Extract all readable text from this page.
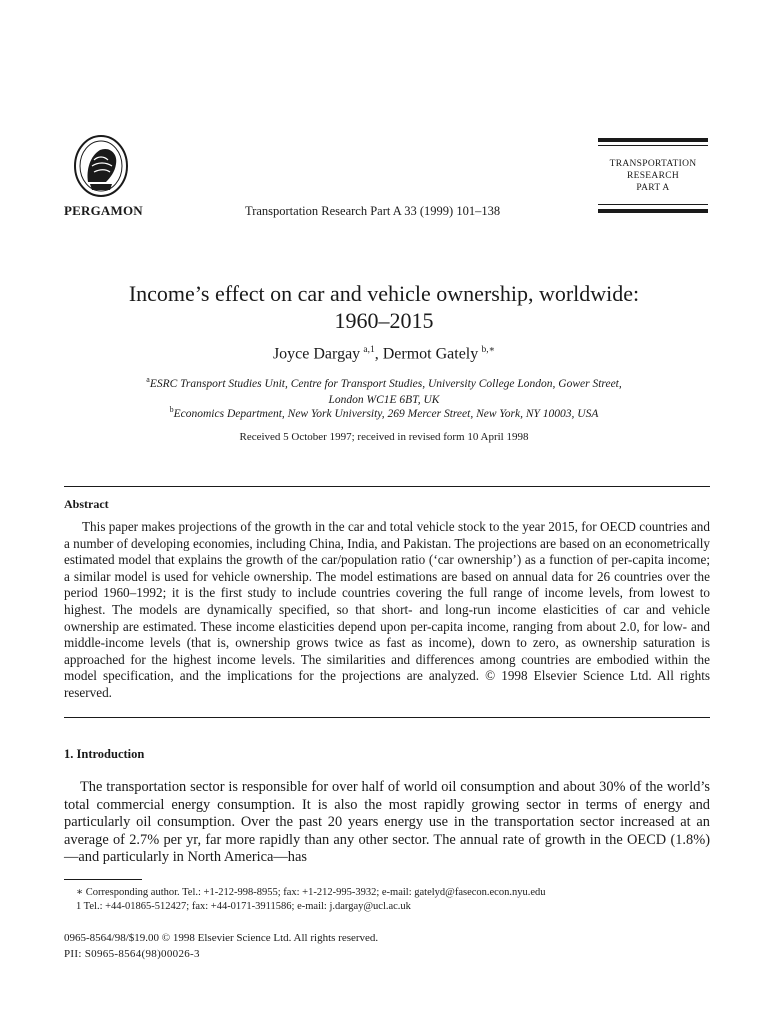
PERGAMON	Transportation Research Part A 33 (1999) 101–138
TRANSPORTATION
RESEARCH
PART A
Income’s effect on car and vehicle ownership, worldwide:
1960–2015
Joyce Dargay  $^{a,1}$, Dermot Gately  $^{b,∗}$
$^a$ESRC Transport Studies Unit, Centre for Transport Studies, University College London, Gower Street,
London WC1E 6BT, UK
$^b$Economics Department, New York University, 269 Mercer Street, New York, NY 10003, USA
Received 5 October 1997; received in revised form 10 April 1998
Abstract
This paper makes projections of the growth in the car and total vehicle stock to the year 2015, for OECD countries and a number of developing economies, including China, India, and Pakistan. The projections are based on an econometrically estimated model that explains the growth of the car/population ratio (‘car ownership’) as a function of per-capita income; a similar model is used for vehicle ownership. The model estimations are based on annual data for 26 countries over the period 1960–1992; it is the first study to include countries covering the full range of income levels, from lowest to highest. The models are dynamically specified, so that short- and long-run income elasticities of car and vehicle ownership are estimated. These income elasticities depend upon per-capita income, ranging from about 2.0, for low- and middle-income levels (that is, ownership grows twice as fast as income), down to zero, as ownership saturation is approached for the highest income levels. The similarities and differences among countries are embodied within the model specification, and the implications for the projections are analyzed. © 1998 Elsevier Science Ltd. All rights reserved.
1. Introduction
The transportation sector is responsible for over half of world oil consumption and about 30% of the world’s total commercial energy consumption. It is also the most rapidly growing sector in terms of energy and particularly oil consumption. Over the past 20 years energy use in the transportation sector increased at an average of 2.7% per yr, far more rapidly than any other sector. The annual rate of growth in the OECD (1.8%)—and particularly in North America—has
∗ Corresponding author. Tel.: +1-212-998-8955; fax: +1-212-995-3932; e-mail: gatelyd@fasecon.econ.nyu.edu
1 Tel.: +44-01865-512427; fax: +44-0171-3911586; e-mail: j.dargay@ucl.ac.uk
0965-8564/98/$19.00 © 1998 Elsevier Science Ltd. All rights reserved.
PII: S0965-8564(98)00026-3
